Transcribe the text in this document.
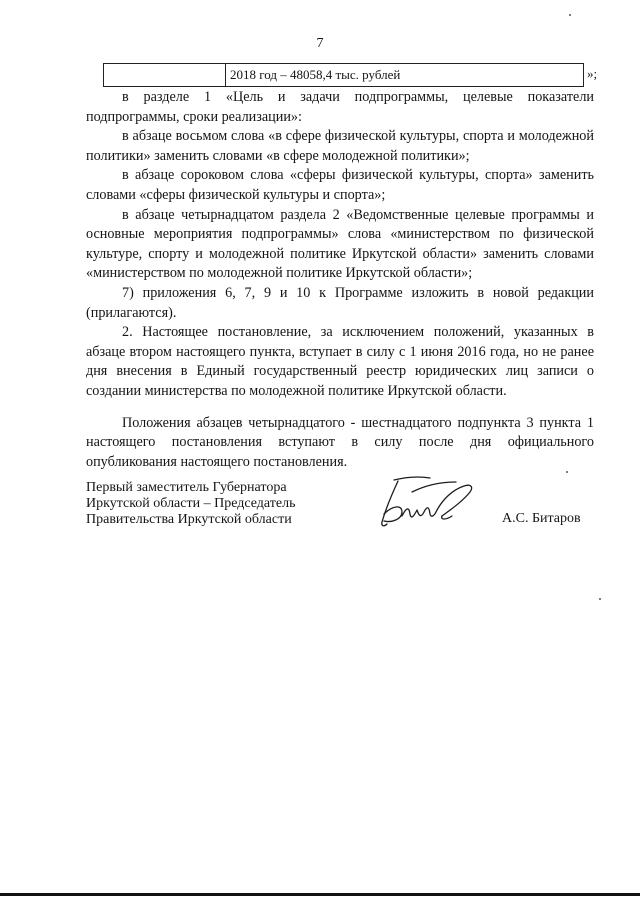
7
2018 год – 48058,4 тыс. рублей	»;

в разделе 1 «Цель и задачи подпрограммы, целевые показатели подпрограммы, сроки реализации»:

в абзаце восьмом слова «в сфере физической культуры, спорта и молодежной политики» заменить словами «в сфере молодежной политики»;

в абзаце сороковом слова «сферы физической культуры, спорта» заменить словами «сферы физической культуры и спорта»;

в абзаце четырнадцатом раздела 2 «Ведомственные целевые программы и основные мероприятия подпрограммы» слова «министерством по физической культуре, спорту и молодежной политике Иркутской области» заменить словами «министерством по молодежной политике Иркутской области»;

7) приложения 6, 7, 9 и 10 к Программе изложить в новой редакции (прилагаются).

2. Настоящее постановление, за исключением положений, указанных в абзаце втором настоящего пункта, вступает в силу с 1 июня 2016 года, но не ранее дня внесения в Единый государственный реестр юридических лиц записи о создании министерства по молодежной политике Иркутской области.

Положения абзацев четырнадцатого - шестнадцатого подпункта 3 пункта 1 настоящего постановления вступают в силу после дня официального опубликования настоящего постановления.

Первый заместитель Губернатора
Иркутской области – Председатель
Правительства Иркутской области	А.С. Битаров
